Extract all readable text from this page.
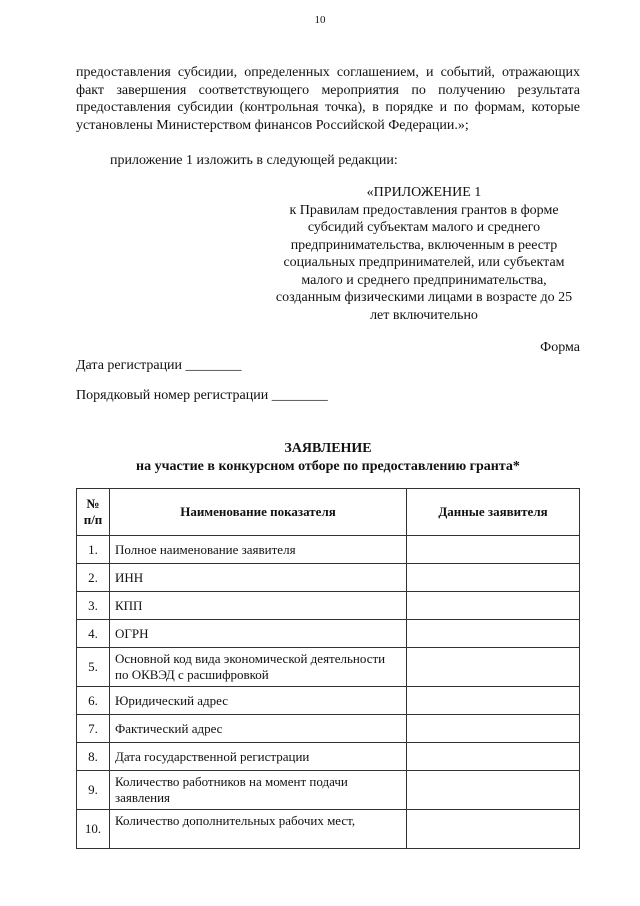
10
предоставления субсидии, определенных соглашением, и событий, отражающих факт завершения соответствующего мероприятия по получению результата предоставления субсидии (контрольная точка), в порядке и по формам, которые установлены Министерством финансов Российской Федерации.»;
приложение 1 изложить в следующей редакции:
«ПРИЛОЖЕНИЕ 1
к Правилам предоставления грантов в форме субсидий субъектам малого и среднего предпринимательства, включенным в реестр социальных предпринимателей, или субъектам малого и среднего предпринимательства, созданным физическими лицами в возрасте до 25 лет включительно
Форма
Дата регистрации ________
Порядковый номер регистрации ________
ЗАЯВЛЕНИЕ
на участие в конкурсном отборе по предоставлению гранта*
№ п/п	Наименование показателя	Данные заявителя
1.	Полное наименование заявителя	
2.	ИНН	
3.	КПП	
4.	ОГРН	
5.	Основной код вида экономической деятельности по ОКВЭД с расшифровкой	
6.	Юридический адрес	
7.	Фактический адрес	
8.	Дата государственной регистрации	
9.	Количество работников на момент подачи заявления	
10.	Количество дополнительных рабочих мест,	
